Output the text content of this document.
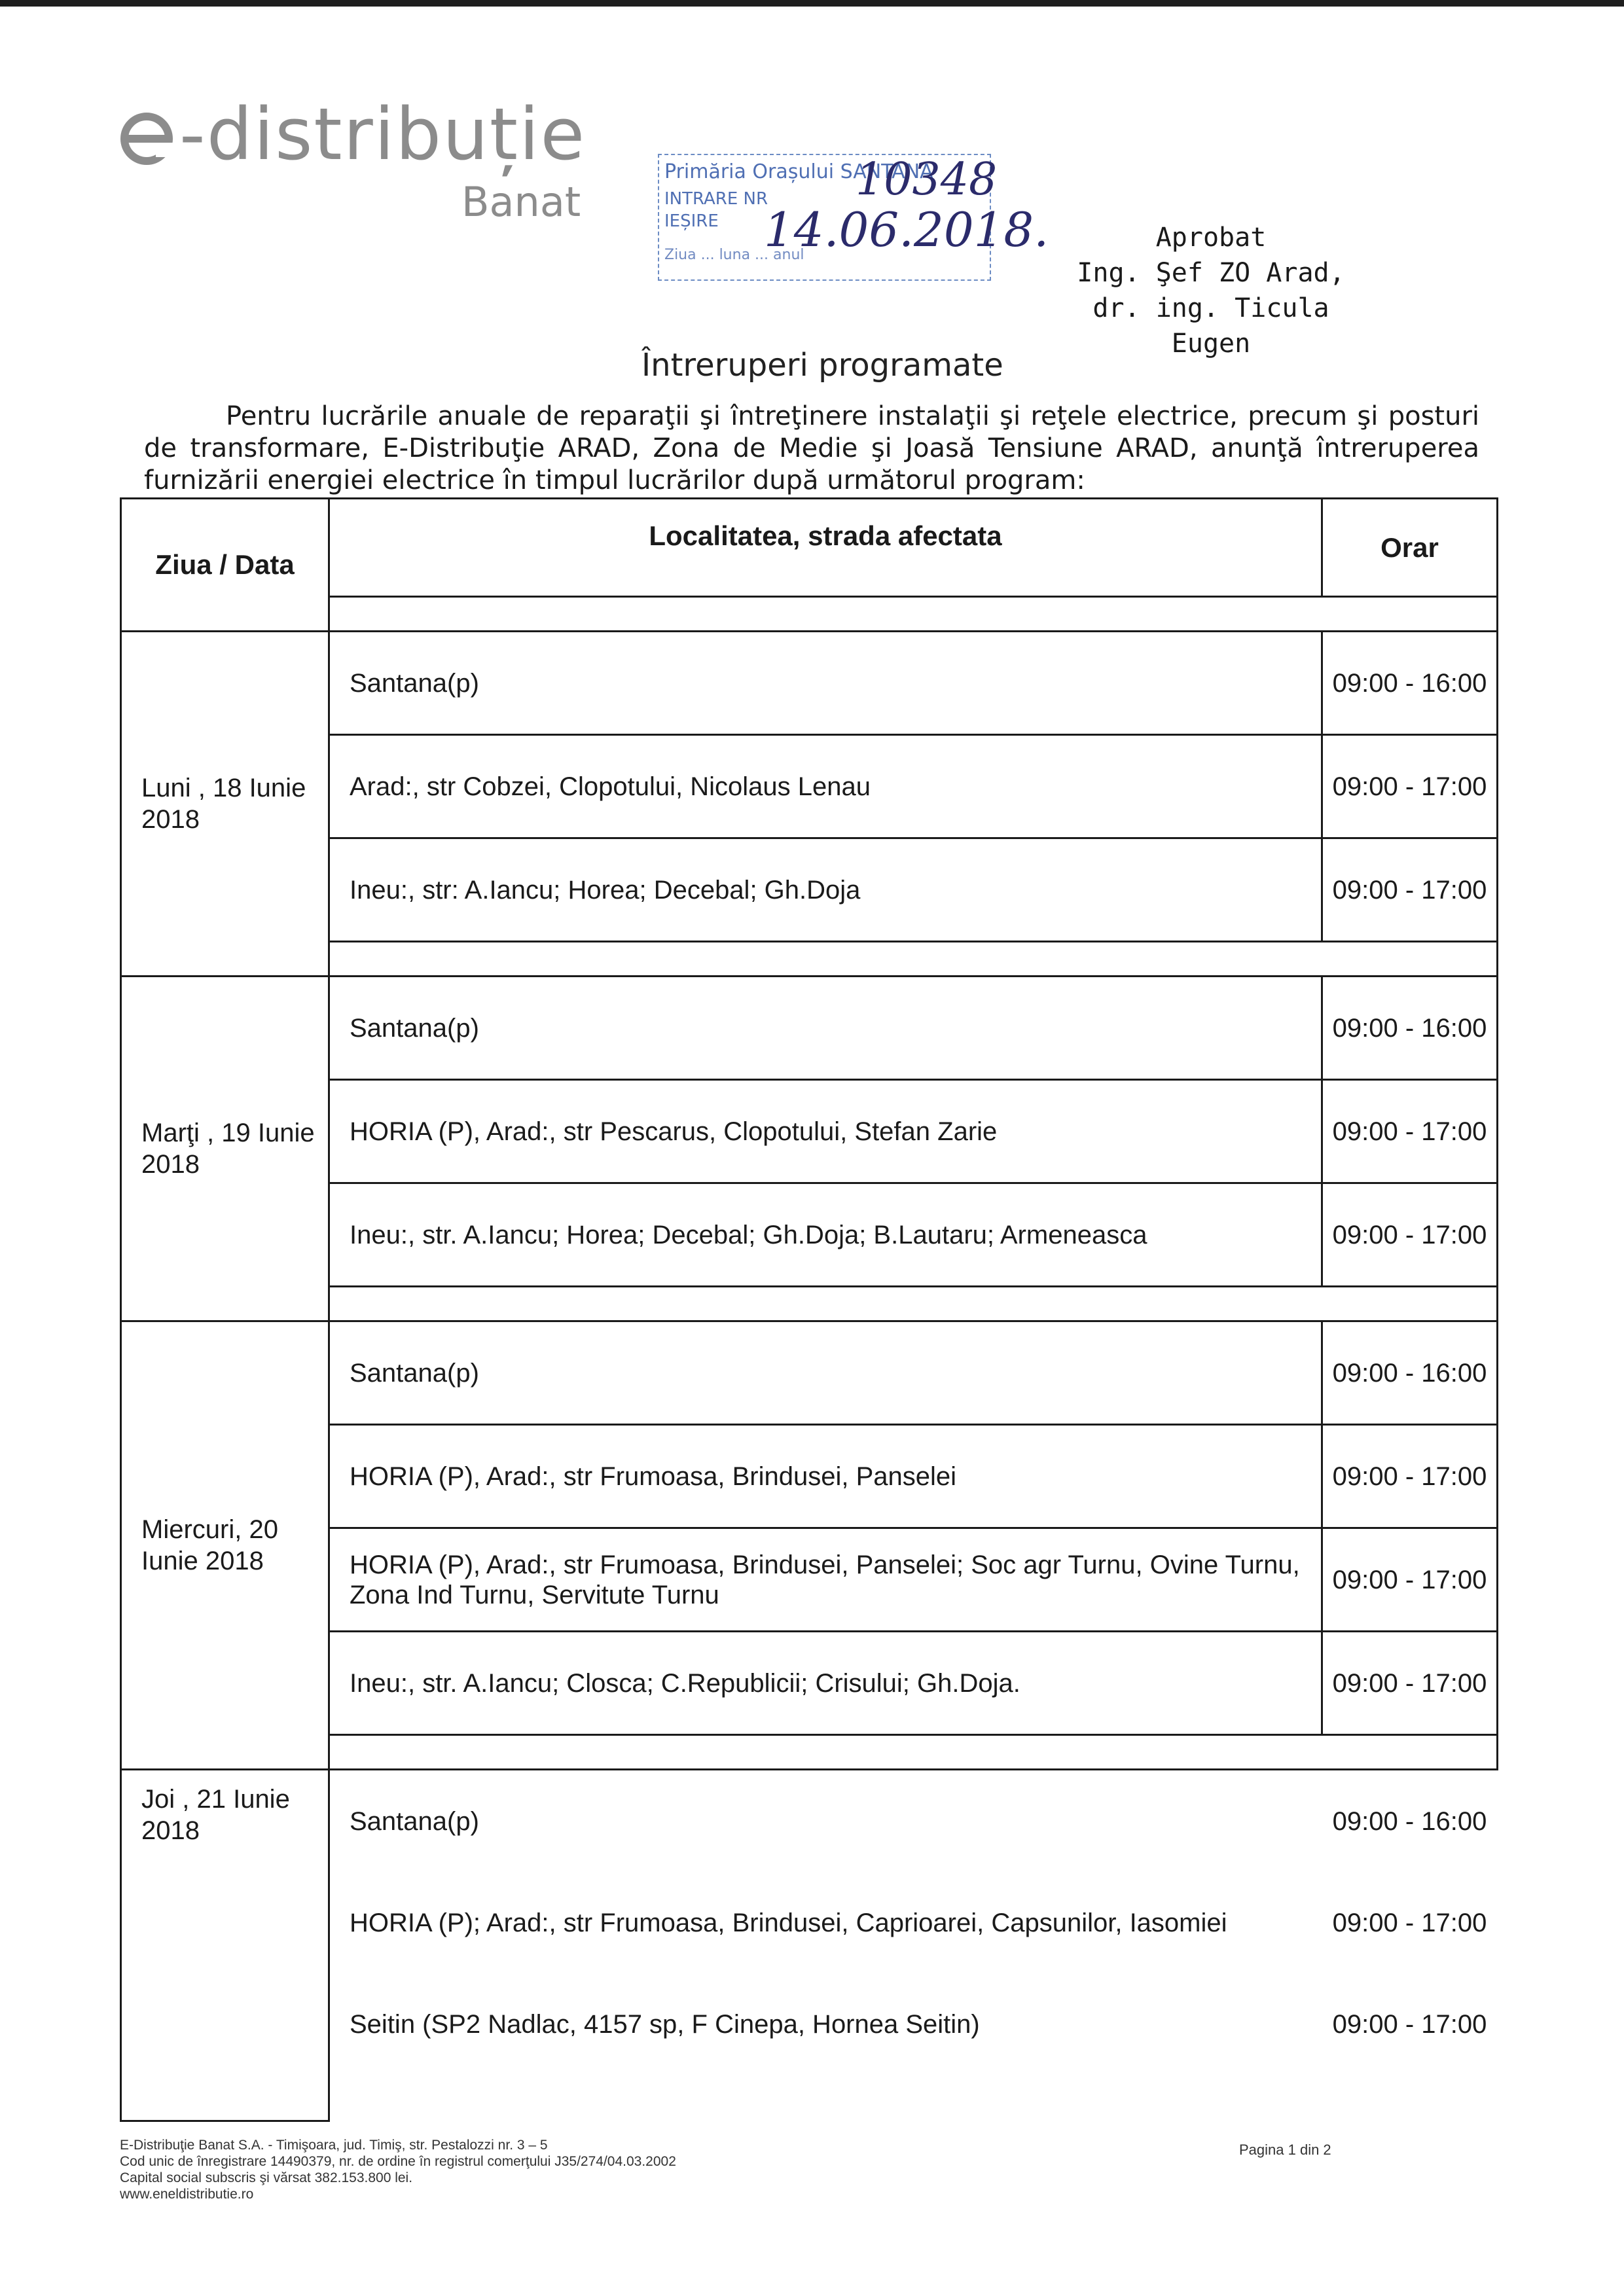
-distribuție
Banat
Primăria Orașului SANTANA
INTRARE NR
IEȘIRE
Ziua ... luna ... anul
10348
14.06.2018.	Aprobat
Ing. Şef ZO Arad,
dr. ing. Ticula Eugen
Întreruperi programate

Pentru lucrările anuale de reparaţii şi întreţinere instalaţii şi reţele electrice, precum şi posturi de transformare, E-Distribuţie ARAD, Zona de Medie şi Joasă Tensiune ARAD, anunţă întreruperea furnizării energiei electrice în timpul lucrărilor după următorul program:

Ziua / Data	Localitatea, strada afectata	Orar

Luni , 18 Iunie 2018	Santana(p)	09:00 - 16:00
	Arad:, str Cobzei, Clopotului, Nicolaus Lenau	09:00 - 17:00
	Ineu:, str: A.Iancu; Horea; Decebal; Gh.Doja	09:00 - 17:00

Marţi , 19 Iunie 2018	Santana(p)	09:00 - 16:00
	HORIA (P), Arad:, str Pescarus, Clopotului, Stefan Zarie	09:00 - 17:00
	Ineu:, str. A.Iancu; Horea; Decebal; Gh.Doja; B.Lautaru; Armeneasca	09:00 - 17:00

Miercuri, 20 Iunie 2018	Santana(p)	09:00 - 16:00
	HORIA (P), Arad:, str Frumoasa, Brindusei, Panselei	09:00 - 17:00
	HORIA (P), Arad:, str Frumoasa, Brindusei, Panselei; Soc agr Turnu, Ovine Turnu, Zona Ind Turnu, Servitute Turnu	09:00 - 17:00
	Ineu:, str. A.Iancu; Closca; C.Republicii; Crisului; Gh.Doja.	09:00 - 17:00

Joi , 21 Iunie 2018	Santana(p)	09:00 - 16:00
	HORIA (P); Arad:, str Frumoasa, Brindusei, Caprioarei, Capsunilor, Iasomiei	09:00 - 17:00
	Seitin (SP2 Nadlac, 4157 sp, F Cinepa, Hornea Seitin)	09:00 - 17:00

E-Distribuţie Banat S.A. - Timişoara, jud. Timiş, str. Pestalozzi nr. 3 – 5
Cod unic de înregistrare 14490379, nr. de ordine în registrul comerţului J35/274/04.03.2002
Capital social subscris şi vărsat 382.153.800 lei.
www.eneldistributie.ro
Pagina 1 din 2
